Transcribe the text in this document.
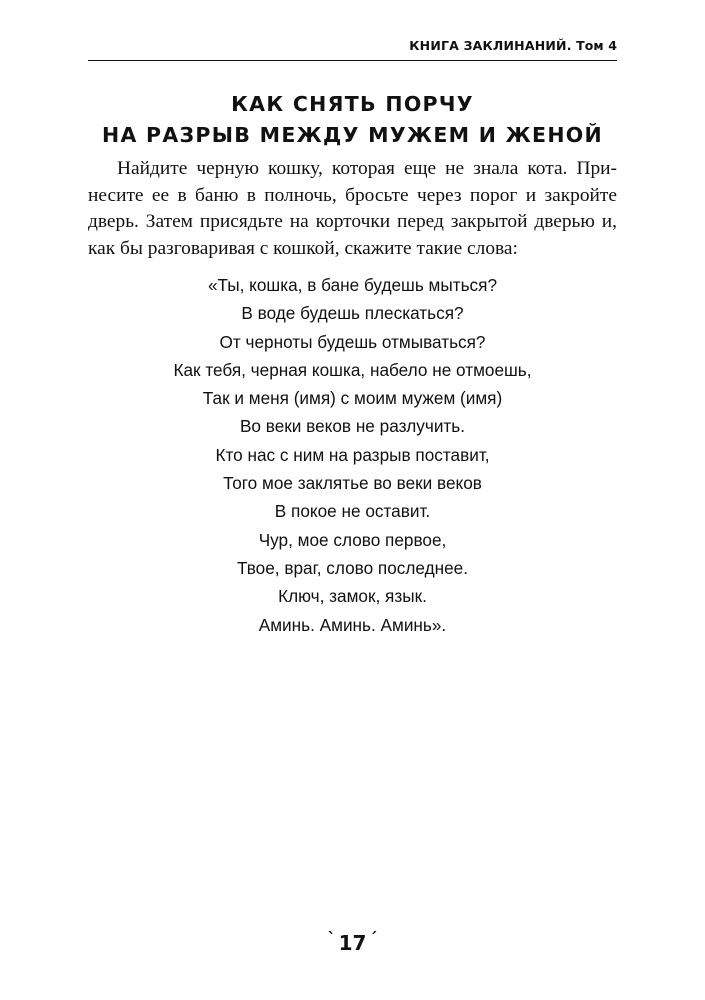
КНИГА ЗАКЛИНАНИЙ. Том 4
КАК СНЯТЬ ПОРЧУ
НА РАЗРЫВ МЕЖДУ МУЖЕМ И ЖЕНОЙ

Найдите черную кошку, которая еще не знала кота. При-
несите ее в баню в полночь, бросьте через порог и закройте
дверь. Затем присядьте на корточки перед закрытой дверью и,
как бы разговаривая с кошкой, скажите такие слова:

«Ты, кошка, в бане будешь мыться?
В воде будешь плескаться?
От черноты будешь отмываться?
Как тебя, черная кошка, набело не отмоешь,
Так и меня (имя) с моим мужем (имя)
Во веки веков не разлучить.
Кто нас с ним на разрыв поставит,
Того мое заклятье во веки веков
В покое не оставит.
Чур, мое слово первое,
Твое, враг, слово последнее.
Ключ, замок, язык.
Аминь. Аминь. Аминь».
` 17 ´
